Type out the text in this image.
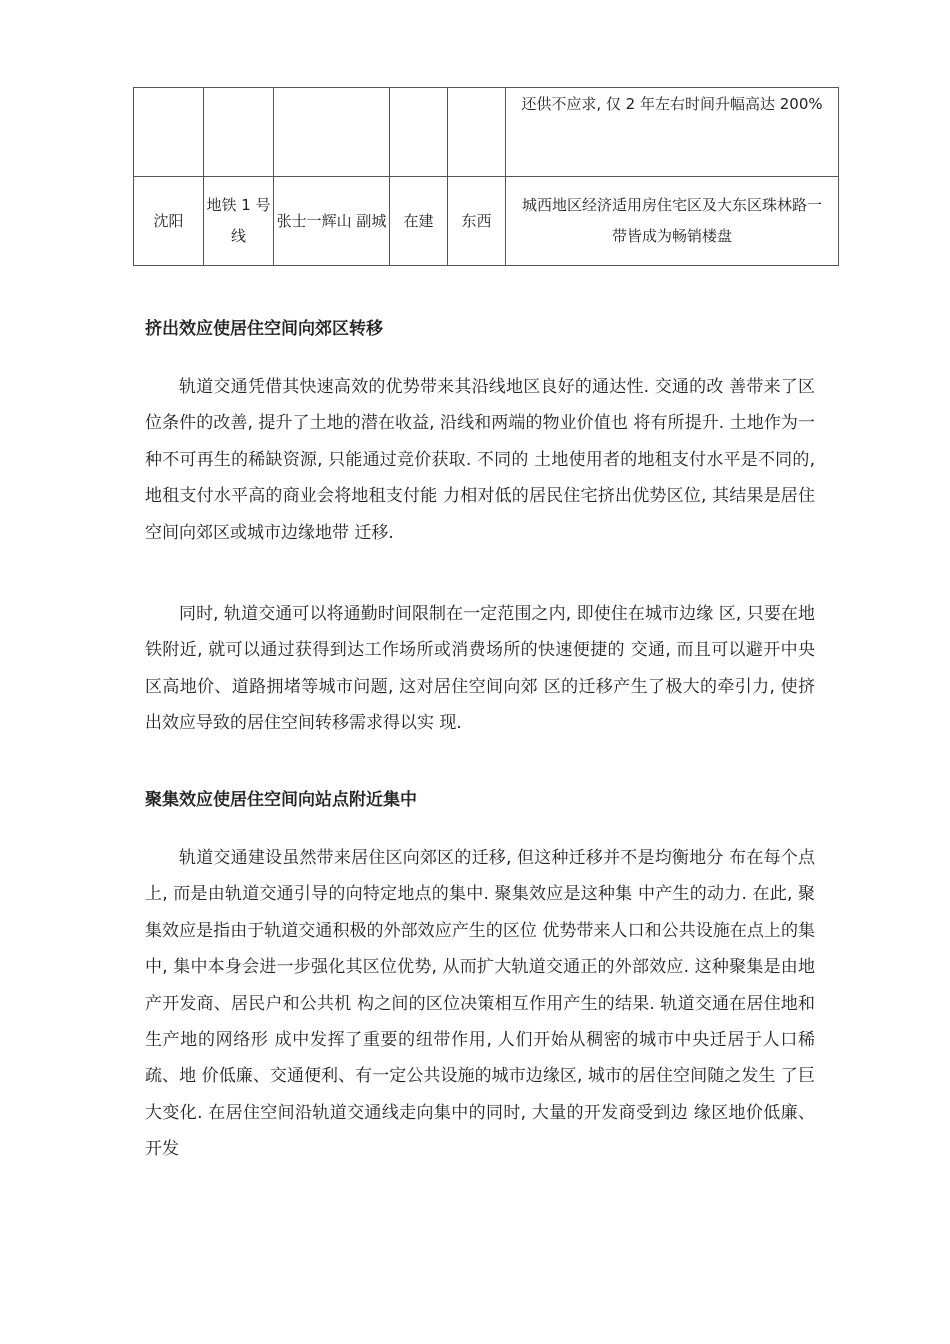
					还供不应求, 仅 2 年左右时间升幅高达 200%
沈阳	地铁 1 号线	张士一辉山 副城	在建	东西	城西地区经济适用房住宅区及大东区珠林路一带皆成为畅销楼盘
挤出效应使居住空间向郊区转移

轨道交通凭借其快速高效的优势带来其沿线地区良好的通达性. 交通的改 善带来了区位条件的改善, 提升了土地的潜在收益, 沿线和两端的物业价值也 将有所提升. 土地作为一种不可再生的稀缺资源, 只能通过竞价获取. 不同的 土地使用者的地租支付水平是不同的, 地租支付水平高的商业会将地租支付能 力相对低的居民住宅挤出优势区位, 其结果是居住空间向郊区或城市边缘地带 迁移.

同时, 轨道交通可以将通勤时间限制在一定范围之内, 即使住在城市边缘 区, 只要在地铁附近, 就可以通过获得到达工作场所或消费场所的快速便捷的 交通, 而且可以避开中央区高地价、道路拥堵等城市问题, 这对居住空间向郊 区的迁移产生了极大的牵引力, 使挤出效应导致的居住空间转移需求得以实 现.

聚集效应使居住空间向站点附近集中

轨道交通建设虽然带来居住区向郊区的迁移, 但这种迁移并不是均衡地分 布在每个点上, 而是由轨道交通引导的向特定地点的集中. 聚集效应是这种集 中产生的动力. 在此, 聚集效应是指由于轨道交通积极的外部效应产生的区位 优势带来人口和公共设施在点上的集中, 集中本身会进一步强化其区位优势, 从而扩大轨道交通正的外部效应. 这种聚集是由地产开发商、居民户和公共机 构之间的区位决策相互作用产生的结果. 轨道交通在居住地和生产地的网络形 成中发挥了重要的纽带作用, 人们开始从稠密的城市中央迁居于人口稀疏、地 价低廉、交通便利、有一定公共设施的城市边缘区, 城市的居住空间随之发生 了巨大变化. 在居住空间沿轨道交通线走向集中的同时, 大量的开发商受到边 缘区地价低廉、开发
